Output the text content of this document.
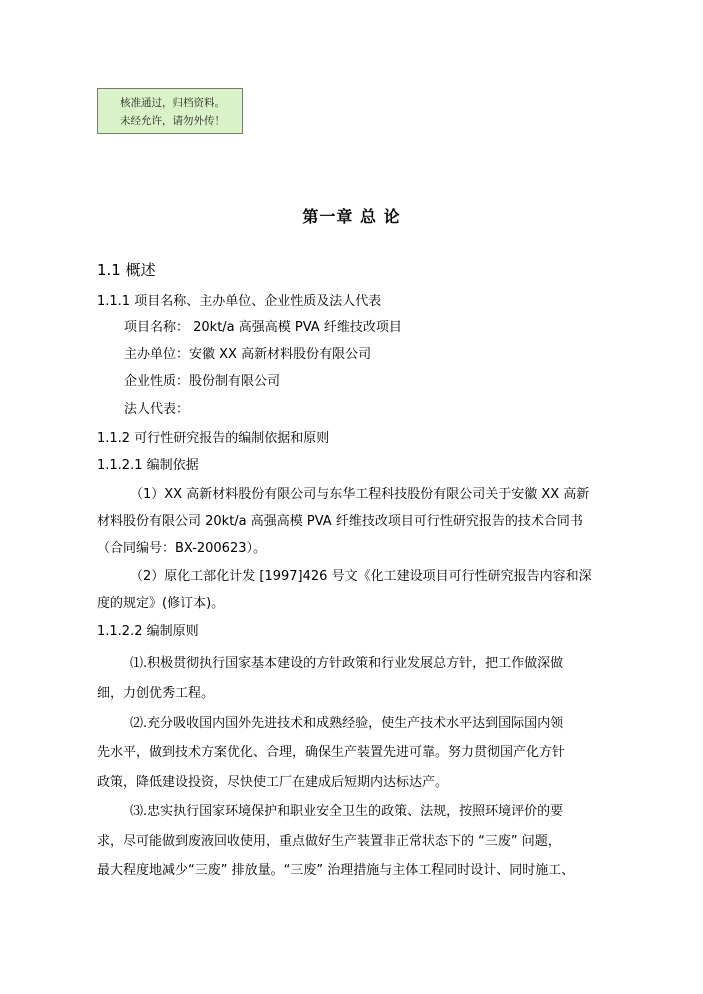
核准通过，归档资料。
未经允许，请勿外传！
第一章 总 论
1.1 概述
1.1.1 项目名称、主办单位、企业性质及法人代表
项目名称： 20kt/a 高强高模 PVA 纤维技改项目
主办单位：安徽 XX 高新材料股份有限公司
企业性质：股份制有限公司
法人代表：
1.1.2 可行性研究报告的编制依据和原则
1.1.2.1 编制依据
（1）XX 高新材料股份有限公司与东华工程科技股份有限公司关于安徽 XX 高新
材料股份有限公司 20kt/a 高强高模 PVA 纤维技改项目可行性研究报告的技术合同书
（合同编号：BX-200623）。
（2）原化工部化计发 [1997]426 号文《化工建设项目可行性研究报告内容和深
度的规定》(修订本)。
1.1.2.2 编制原则
⑴.积极贯彻执行国家基本建设的方针政策和行业发展总方针，把工作做深做
细，力创优秀工程。
⑵.充分吸收国内国外先进技术和成熟经验，使生产技术水平达到国际国内领
先水平，做到技术方案优化、合理，确保生产装置先进可靠。努力贯彻国产化方针
政策，降低建设投资，尽快使工厂在建成后短期内达标达产。
⑶.忠实执行国家环境保护和职业安全卫生的政策、法规，按照环境评价的要
求，尽可能做到废液回收使用，重点做好生产装置非正常状态下的 “三废” 问题，
最大程度地减少“三废” 排放量。“三废” 治理措施与主体工程同时设计、同时施工、
